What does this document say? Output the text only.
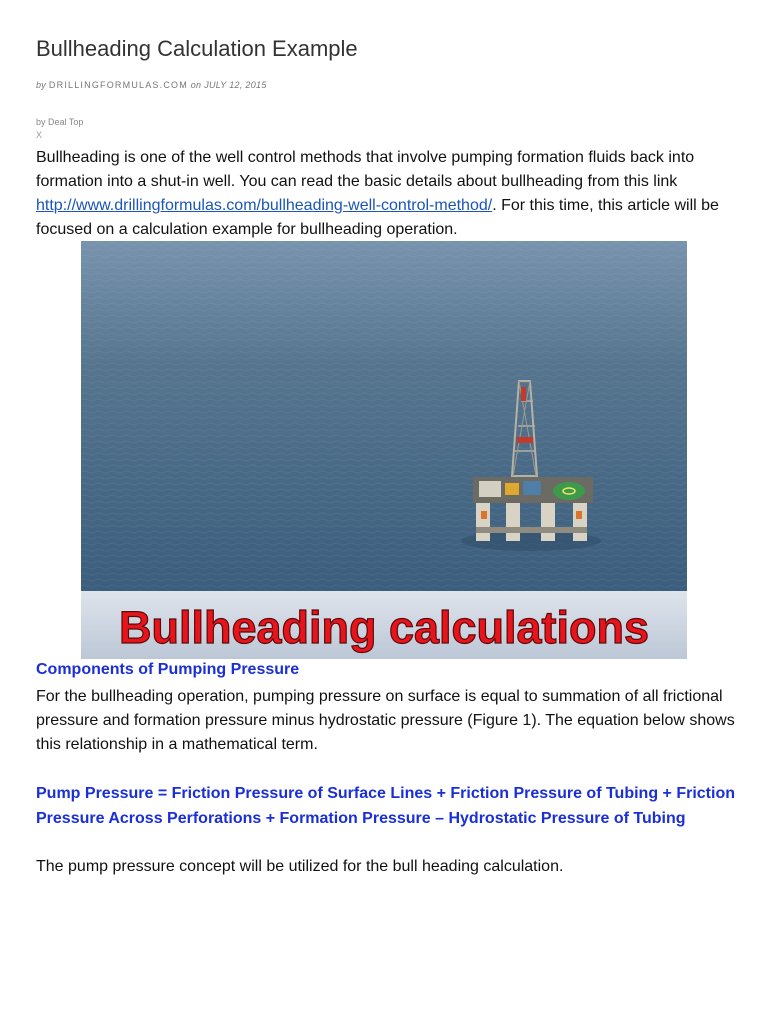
Bullheading Calculation Example
by DRILLINGFORMULAS.COM on JULY 12, 2015
by Deal Top
X

Bullheading is one of the well control methods that involve pumping formation fluids back into formation into a shut-in well. You can read the basic details about bullheading from this link http://www.drillingformulas.com/bullheading-well-control-method/. For this time, this article will be focused on a calculation example for bullheading operation.

Bullheading calculations
Components of Pumping Pressure

For the bullheading operation, pumping pressure on surface is equal to summation of all frictional pressure and formation pressure minus hydrostatic pressure (Figure 1). The equation below shows this relationship in a mathematical term.

Pump Pressure = Friction Pressure of Surface Lines + Friction Pressure of Tubing + Friction Pressure Across Perforations + Formation Pressure – Hydrostatic Pressure of Tubing

The pump pressure concept will be utilized for the bull heading calculation.
